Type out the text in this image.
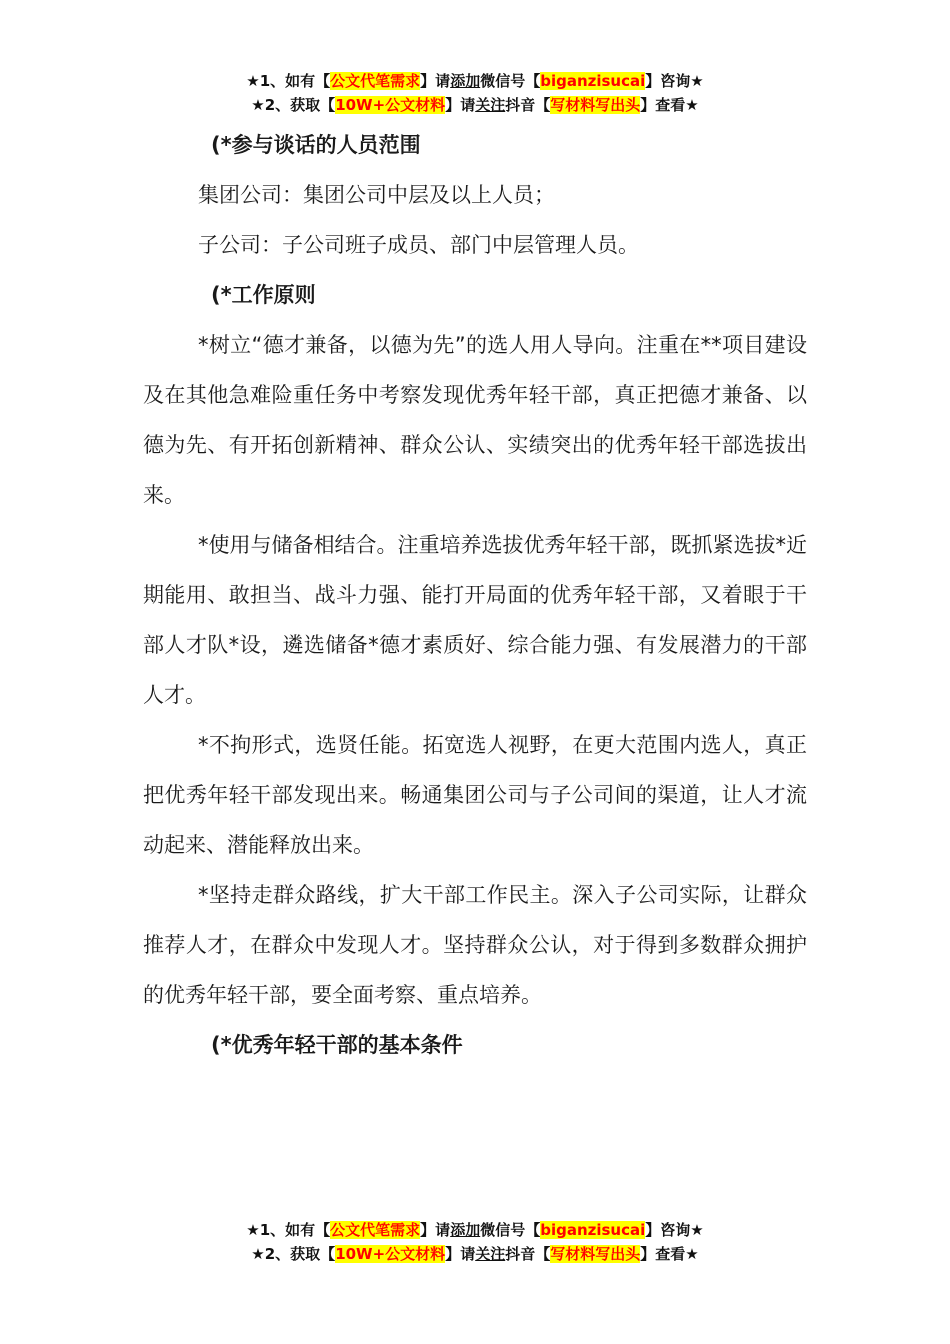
★1、如有【公文代笔需求】请添加微信号【biganzisucai】咨询★
★2、获取【10W+公文材料】请关注抖音【写材料写出头】查看★

(*参与谈话的人员范围

集团公司：集团公司中层及以上人员；

子公司：子公司班子成员、部门中层管理人员。

(*工作原则

*树立“德才兼备，以德为先”的选人用人导向。注重在**项目建设及在其他急难险重任务中考察发现优秀年轻干部，真正把德才兼备、以德为先、有开拓创新精神、群众公认、实绩突出的优秀年轻干部选拔出来。

*使用与储备相结合。注重培养选拔优秀年轻干部，既抓紧选拔*近期能用、敢担当、战斗力强、能打开局面的优秀年轻干部，又着眼于干部人才队*设，遴选储备*德才素质好、综合能力强、有发展潜力的干部人才。

*不拘形式，选贤任能。拓宽选人视野，在更大范围内选人，真正把优秀年轻干部发现出来。畅通集团公司与子公司间的渠道，让人才流动起来、潜能释放出来。

*坚持走群众路线，扩大干部工作民主。深入子公司实际，让群众推荐人才，在群众中发现人才。坚持群众公认，对于得到多数群众拥护的优秀年轻干部，要全面考察、重点培养。

(*优秀年轻干部的基本条件

★1、如有【公文代笔需求】请添加微信号【biganzisucai】咨询★
★2、获取【10W+公文材料】请关注抖音【写材料写出头】查看★
